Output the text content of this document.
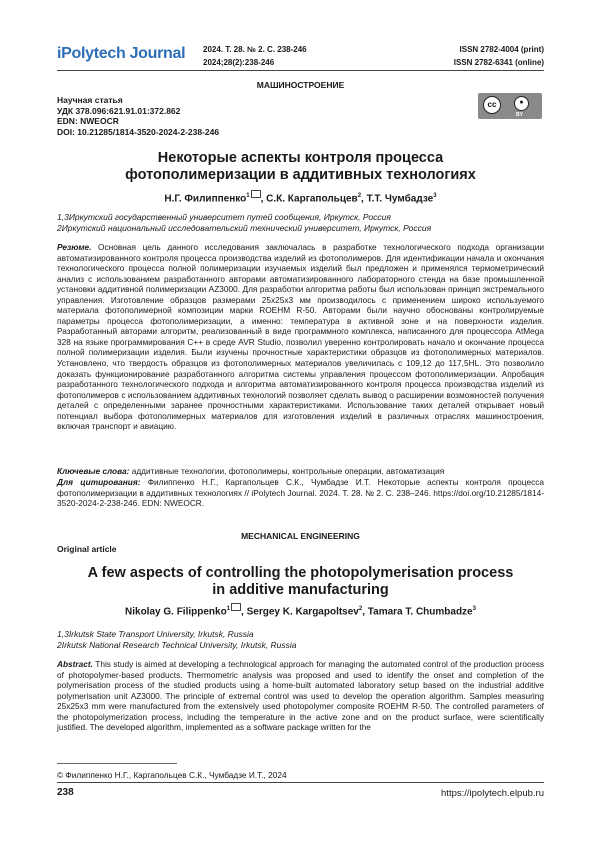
iPolytech Journal 2024. Т. 28. № 2. С. 238-246
2024;28(2):238-246
ISSN 2782-4004 (print)
ISSN 2782-6341 (online)
МАШИНОСТРОЕНИЕ
Научная статья
УДК 378.096:621.91.01:372.862
EDN: NWEOCR
DOI: 10.21285/1814-3520-2024-2-238-246
cc	●
BY
Некоторые аспекты контроля процесса
фотополимеризации в аддитивных технологиях
Н.Г. Филиппенко$^1$ , С.К. Каргапольцев$^2$, Т.Т. Чумбадзе$^3$
1,3Иркутский государственный университет путей сообщения, Иркутск, Россия
2Иркутский национальный исследовательский технический университет, Иркутск, Россия
Резюме. Основная цель данного исследования заключалась в разработке технологического подхода организации автоматизированного контроля процесса производства изделий из фотополимеров. Для идентификации начала и окончания технологического процесса полной полимеризации изучаемых изделий был предложен и применялся термометрический анализ с использованием разработанного авторами автоматизированного лабораторного стенда на базе промышленной установки аддитивной полимеризации AZ3000. Для разработки алгоритма работы был использован принцип экстремального управления. Изготовление образцов размерами 25x25x3 мм производилось с применением широко используемого материала фотополимерной композиции марки ROEHM R-50. Авторами были научно обоснованы контролируемые параметры процесса фотополимеризации, а именно: температура в активной зоне и на поверхности изделия. Разработанный авторами алгоритм, реализованный в виде программного комплекса, написанного для процессора AtMega 328 на языке программирования C++ в среде AVR Studio, позволил уверенно контролировать начало и окончание процесса полной полимеризации изделия. Были изучены прочностные характеристики образцов из фотополимерных материалов. Установлено, что твердость образцов из фотополимерных материалов увеличилась с 109,12 до 117,5HL. Это позволило доказать функционирование разработанного алгоритма системы управления процессом фотополимеризации. Апробация разработанного технологического подхода и алгоритма автоматизированного контроля процесса производства изделий из фотополимеров с использованием аддитивных технологий позволяет сделать вывод о расширении возможностей получения деталей с определенными заранее прочностными характеристиками. Использование таких деталей открывает новый потенциал выбора фотополимерных материалов для изготовления изделий в различных отраслях машиностроения, включая транспорт и авиацию.
Ключевые слова: аддитивные технологии, фотополимеры, контрольные операции, автоматизация
Для цитирования: Филиппенко Н.Г., Каргапольцев С.К., Чумбадзе И.Т. Некоторые аспекты контроля процесса фотополимеризации в аддитивных технологиях // iPolytech Journal. 2024. Т. 28. № 2. С. 238–246. https://doi.org/10.21285/1814-3520-2024-2-238-246. EDN: NWEOCR.
MECHANICAL ENGINEERING
Original article
A few aspects of controlling the photopolymerisation process
in additive manufacturing
Nikolay G. Filippenko$^1$ , Sergey K. Kargapoltsev$^2$, Tamara T. Chumbadze$^3$
1,3Irkutsk State Transport University, Irkutsk, Russia
2Irkutsk National Research Technical University, Irkutsk, Russia
Abstract. This study is aimed at developing a technological approach for managing the automated control of the production process of photopolymer-based products. Thermometric analysis was proposed and used to identify the onset and completion of the polymerisation process of the studied products using a home-built automated laboratory setup based on the industrial additive polymerisation unit AZ3000. The principle of extremal control was used to develop the operation algorithm. Samples measuring 25x25x3 mm were manufactured from the extensively used photopolymer composite ROEHM R-50. The controlled parameters of the photopolymerization process, including the temperature in the active zone and on the product surface, were scientifically justified. The developed algorithm, implemented as a software package written for the
© Филиппенко Н.Г., Каргапольцев С.К., Чумбадзе И.Т., 2024
238	https://ipolytech.elpub.ru
